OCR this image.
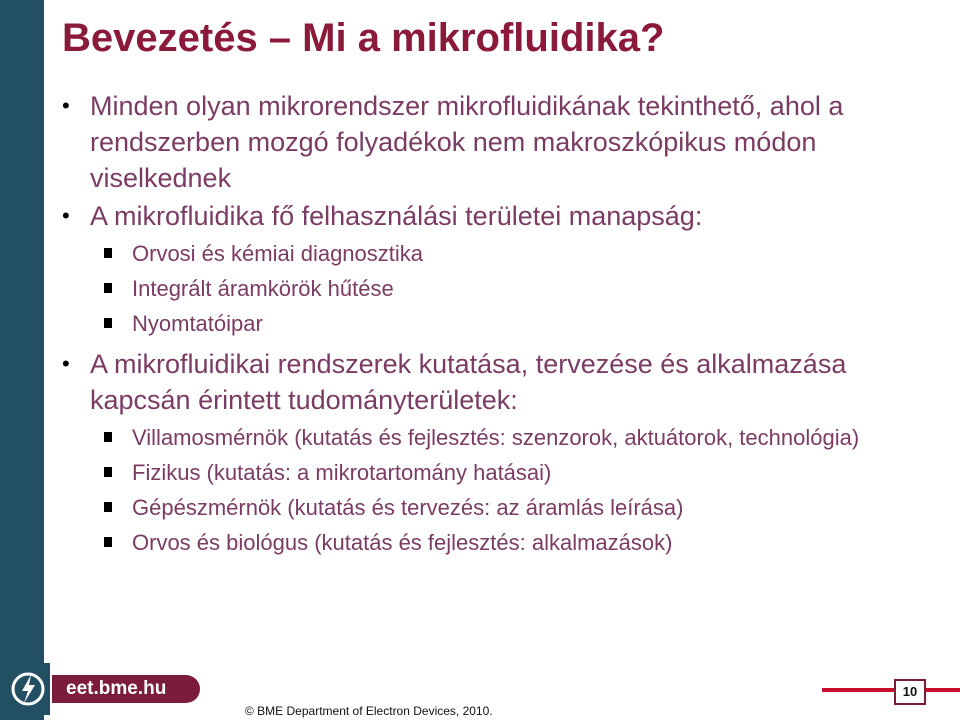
Bevezetés – Mi a mikrofluidika?
• Minden olyan mikrorendszer mikrofluidikának tekinthető, ahol a rendszerben mozgó folyadékok nem makroszkópikus módon viselkednek
• A mikrofluidika fő felhasználási területei manapság:
Orvosi és kémiai diagnosztika
Integrált áramkörök hűtése
Nyomtatóipar
• A mikrofluidikai rendszerek kutatása, tervezése és alkalmazása kapcsán érintett tudományterületek:
Villamosmérnök (kutatás és fejlesztés: szenzorok, aktuátorok, technológia)
Fizikus (kutatás: a mikrotartomány hatásai)
Gépészmérnök (kutatás és tervezés: az áramlás leírása)
Orvos és biológus (kutatás és fejlesztés: alkalmazások)
eet.bme.hu
© BME Department of Electron Devices, 2010.
10
